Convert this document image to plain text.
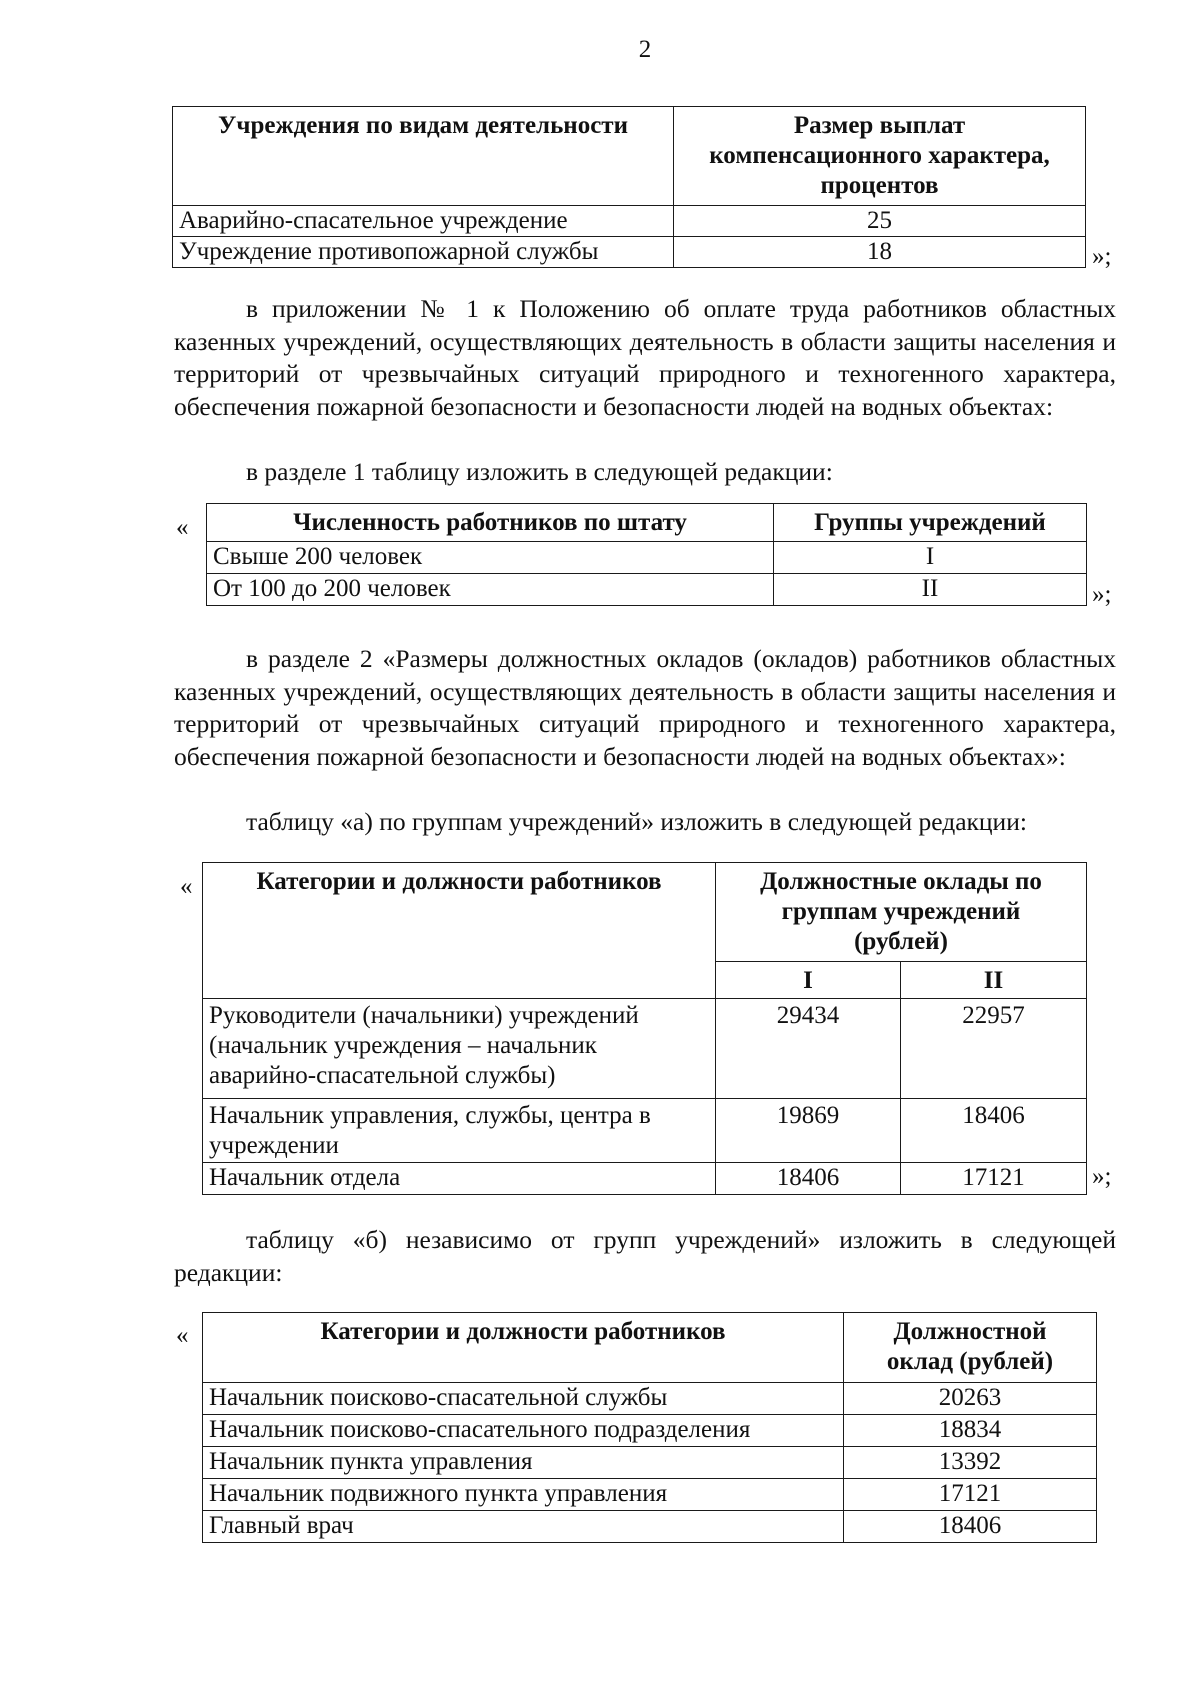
2
Учреждения по видам деятельности	Размер выплат компенсационного характера, процентов
Аварийно-спасательное учреждение	25
Учреждение противопожарной службы	18	»;

в приложении № 1 к Положению об оплате труда работников областных казенных учреждений, осуществляющих деятельность в области защиты населения и территорий от чрезвычайных ситуаций природного и техногенного характера, обеспечения пожарной безопасности и безопасности людей на водных объектах:

в разделе 1 таблицу изложить в следующей редакции:

«	Численность работников по штату	Группы учреждений
Свыше 200 человек	I
От 100 до 200 человек	II	»;

в разделе 2 «Размеры должностных окладов (окладов) работников областных казенных учреждений, осуществляющих деятельность в области защиты населения и территорий от чрезвычайных ситуаций природного и техногенного характера, обеспечения пожарной безопасности и безопасности людей на водных объектах»:

таблицу «а) по группам учреждений» изложить в следующей редакции:

«	Категории и должности работников	Должностные оклады по группам учреждений (рублей)	
	I	II
Руководители (начальники) учреждений (начальник учреждения – начальник аварийно-спасательной службы)	29434	22957
Начальник управления, службы, центра в учреждении	19869	18406
Начальник отдела	18406	17121	»;

таблицу «б) независимо от групп учреждений» изложить в следующей редакции:

«	Категории и должности работников	Должностной оклад (рублей)
Начальник поисково-спасательной службы	20263
Начальник поисково-спасательного подразделения	18834
Начальник пункта управления	13392
Начальник подвижного пункта управления	17121
Главный врач	18406
